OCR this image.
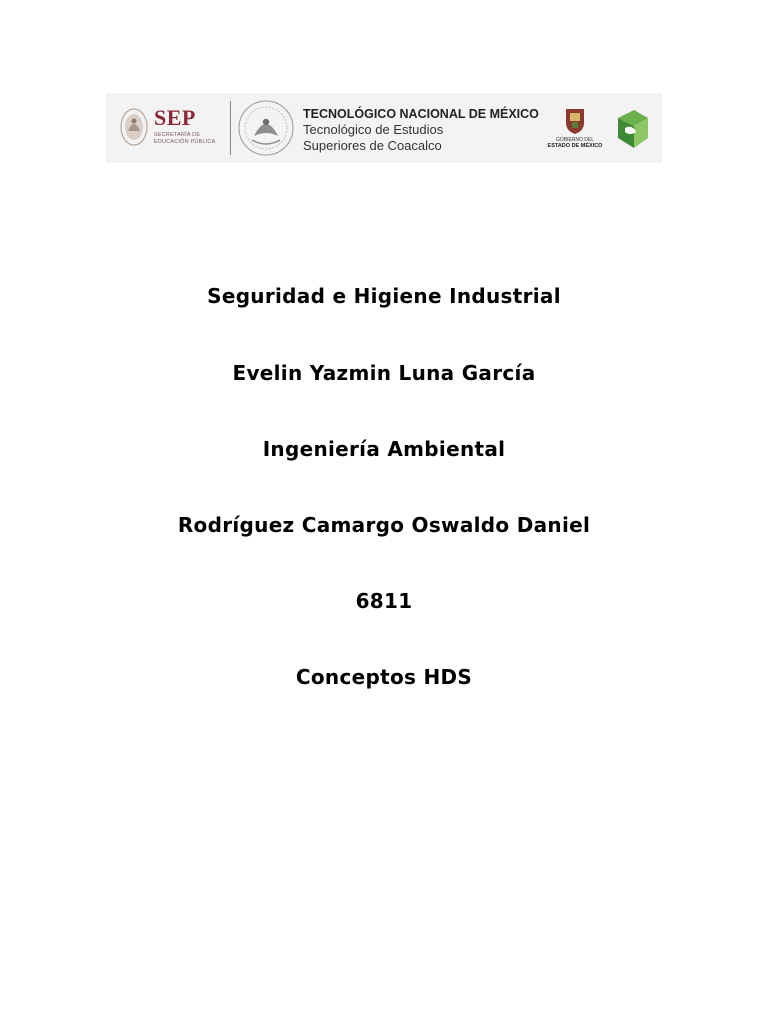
SEP
SECRETARÍA DE
EDUCACIÓN PÚBLICA
TECNOLÓGICO NACIONAL DE MÉXICO
Tecnológico de Estudios
Superiores de Coacalco	GOBIERNO DEL
ESTADO DE MÉXICO
Seguridad e Higiene Industrial
Evelin Yazmin Luna García
Ingeniería Ambiental
Rodríguez Camargo Oswaldo Daniel
6811
Conceptos HDS
